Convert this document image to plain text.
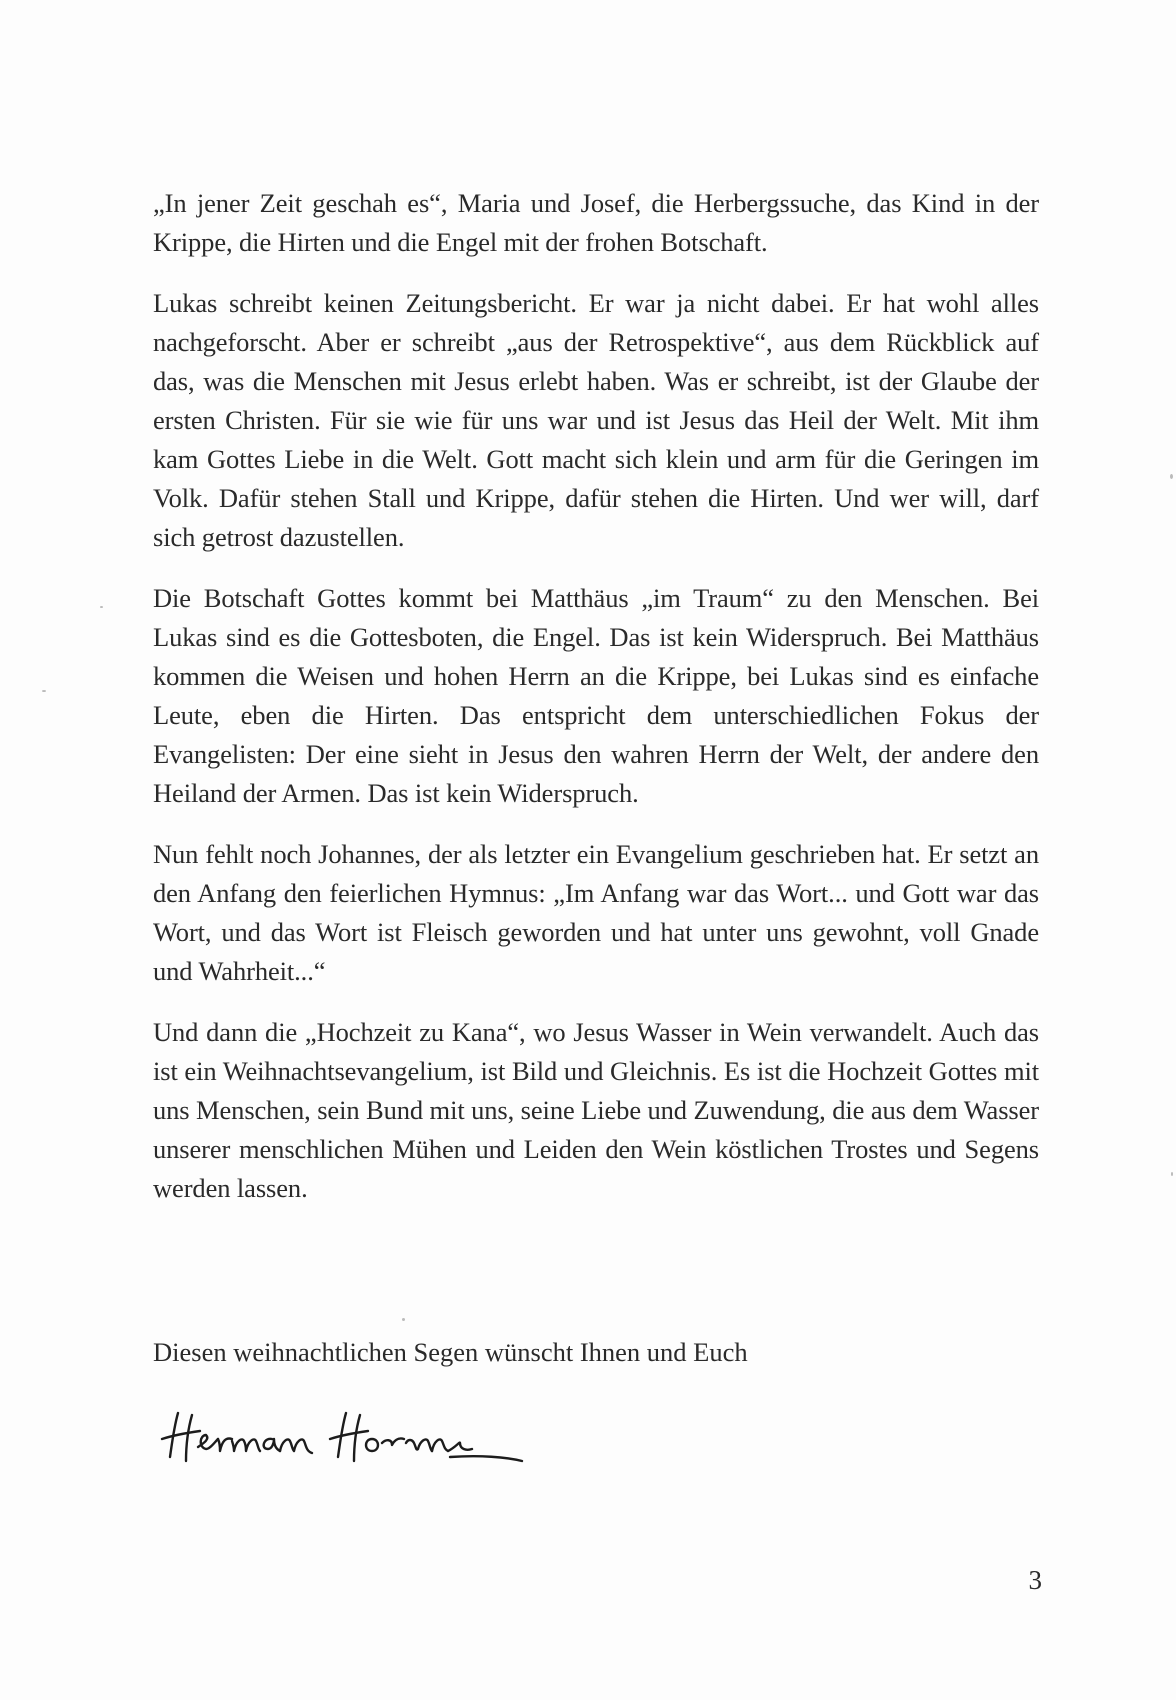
„In jener Zeit geschah es“, Maria und Josef, die Herbergssuche, das Kind in der Krippe, die Hirten und die Engel mit der frohen Botschaft.

Lukas schreibt keinen Zeitungsbericht. Er war ja nicht dabei. Er hat wohl alles nachgeforscht. Aber er schreibt „aus der Retrospektive“, aus dem Rückblick auf das, was die Menschen mit Jesus erlebt haben. Was er schreibt, ist der Glaube der ersten Christen. Für sie wie für uns war und ist Jesus das Heil der Welt. Mit ihm kam Gottes Liebe in die Welt. Gott macht sich klein und arm für die Geringen im Volk. Dafür stehen Stall und Krippe, dafür stehen die Hirten. Und wer will, darf sich getrost dazustellen.

Die Botschaft Gottes kommt bei Matthäus „im Traum“ zu den Menschen. Bei Lukas sind es die Gottesboten, die Engel. Das ist kein Widerspruch. Bei Matthäus kommen die Weisen und hohen Herrn an die Krippe, bei Lukas sind es einfache Leute, eben die Hirten. Das entspricht dem unterschiedlichen Fokus der Evangelisten: Der eine sieht in Jesus den wahren Herrn der Welt, der andere den Heiland der Armen. Das ist kein Widerspruch.

Nun fehlt noch Johannes, der als letzter ein Evangelium geschrieben hat. Er setzt an den Anfang den feierlichen Hymnus: „Im Anfang war das Wort... und Gott war das Wort, und das Wort ist Fleisch geworden und hat unter uns gewohnt, voll Gnade und Wahrheit...“

Und dann die „Hochzeit zu Kana“, wo Jesus Wasser in Wein verwandelt. Auch das ist ein Weihnachtsevangelium, ist Bild und Gleichnis. Es ist die Hochzeit Gottes mit uns Menschen, sein Bund mit uns, seine Liebe und Zuwendung, die aus dem Wasser unserer menschlichen Mühen und Leiden den Wein köstlichen Trostes und Segens werden lassen.

Diesen weihnachtlichen Segen wünscht Ihnen und Euch
3
